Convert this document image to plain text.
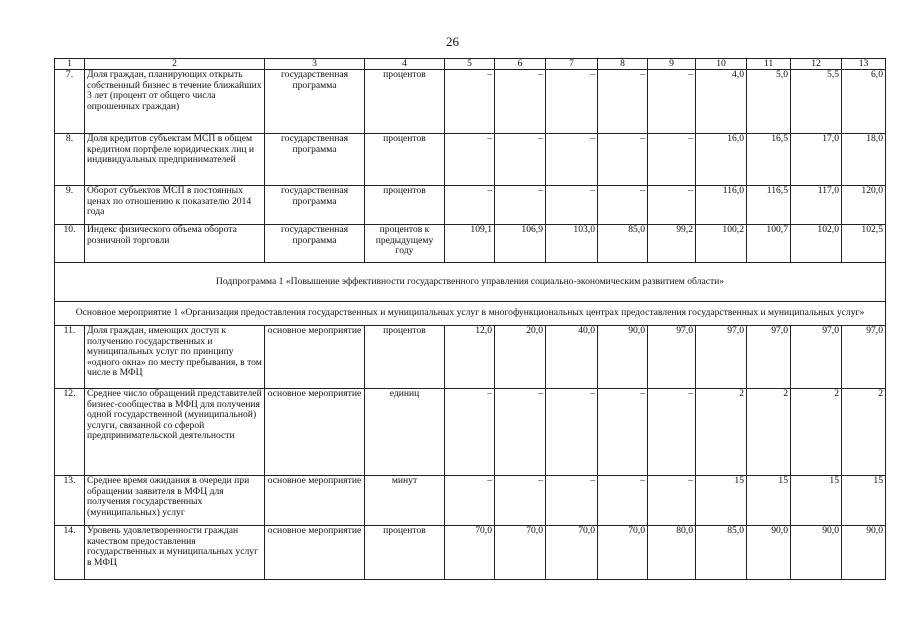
26
1	2	3	4	5	6	7	8	9	10	11	12	13
7.	Доля граждан, планирующих открыть собственный бизнес в течение ближайших 3 лет (процент от общего числа опрошенных граждан)	государственная программа	процентов	–	–	–	–	–	4,0	5,0	5,5	6,0
8.	Доля кредитов субъектам МСП в общем кредитном портфеле юридических лиц и индивидуальных предпринимателей	государственная программа	процентов	–	–	–	–	–	16,0	16,5	17,0	18,0
9.	Оборот субъектов МСП в постоянных ценах по отношению к показателю 2014 года	государственная программа	процентов	–	–	–	–	–	116,0	116,5	117,0	120,0
10.	Индекс физического объема оборота розничной торговли	государственная программа	процентов к предыдущему году	109,1	106,9	103,0	85,0	99,2	100,2	100,7	102,0	102,5
Подпрограмма 1 «Повышение эффективности государственного управления социально-экономическим развитием области»												
Основное мероприятие 1 «Организация предоставления государственных и муниципальных услуг в многофункциональных центрах предоставления государственных и муниципальных услуг»												
11.	Доля граждан, имеющих доступ к получению государственных и муниципальных услуг по принципу «одного окна» по месту пребывания, в том числе в МФЦ	основное мероприятие	процентов	12,0	20,0	40,0	90,0	97,0	97,0	97,0	97,0	97,0
12.	Среднее число обращений представителей бизнес-сообщества в МФЦ для получения одной государственной (муниципальной) услуги, связанной со сферой предпринимательской деятельности	основное мероприятие	единиц	–	–	–	–	–	2	2	2	2
13.	Среднее время ожидания в очереди при обращении заявителя в МФЦ для получения государственных (муниципальных) услуг	основное мероприятие	минут	–	–	–	–	–	15	15	15	15
14.	Уровень удовлетворенности граждан качеством предоставления государственных и муниципальных услуг в МФЦ	основное мероприятие	процентов	70,0	70,0	70,0	70,0	80,0	85,0	90,0	90,0	90,0
